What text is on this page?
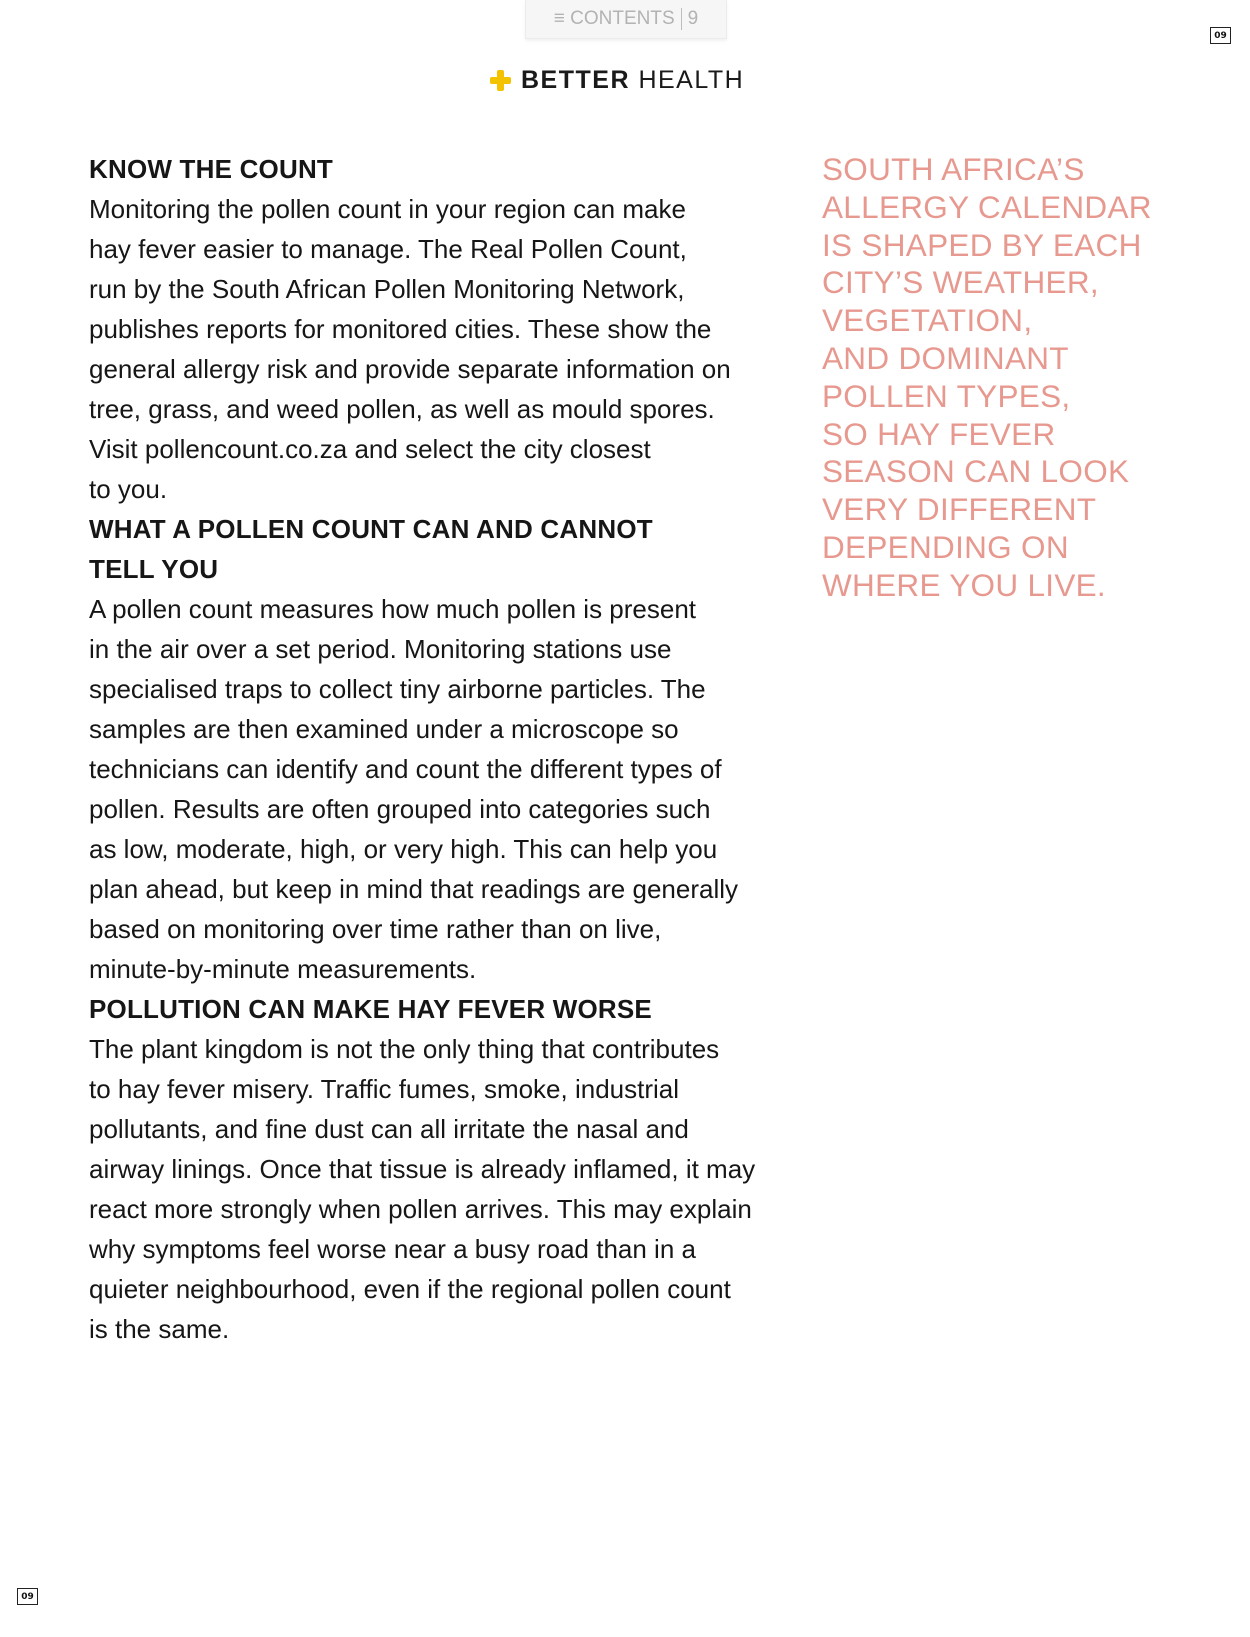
≡ CONTENTS 9
09
BETTER HEALTH
KNOW THE COUNT

Monitoring the pollen count in your region can make
hay fever easier to manage. The Real Pollen Count,
run by the South African Pollen Monitoring Network,
publishes reports for monitored cities. These show the
general allergy risk and provide separate information on
tree, grass, and weed pollen, as well as mould spores.
Visit pollencount.co.za and select the city closest
to you.

WHAT A POLLEN COUNT CAN AND CANNOT
TELL YOU

A pollen count measures how much pollen is present
in the air over a set period. Monitoring stations use
specialised traps to collect tiny airborne particles. The
samples are then examined under a microscope so
technicians can identify and count the different types of
pollen. Results are often grouped into categories such
as low, moderate, high, or very high. This can help you
plan ahead, but keep in mind that readings are generally
based on monitoring over time rather than on live,
minute-by-minute measurements.

POLLUTION CAN MAKE HAY FEVER WORSE

The plant kingdom is not the only thing that contributes
to hay fever misery. Traffic fumes, smoke, industrial
pollutants, and fine dust can all irritate the nasal and
airway linings. Once that tissue is already inflamed, it may
react more strongly when pollen arrives. This may explain
why symptoms feel worse near a busy road than in a
quieter neighbourhood, even if the regional pollen count
is the same.

SOUTH AFRICA’S
ALLERGY CALENDAR
IS SHAPED BY EACH
CITY’S WEATHER,
VEGETATION,
AND DOMINANT
POLLEN TYPES,
SO HAY FEVER
SEASON CAN LOOK
VERY DIFFERENT
DEPENDING ON
WHERE YOU LIVE.
09
